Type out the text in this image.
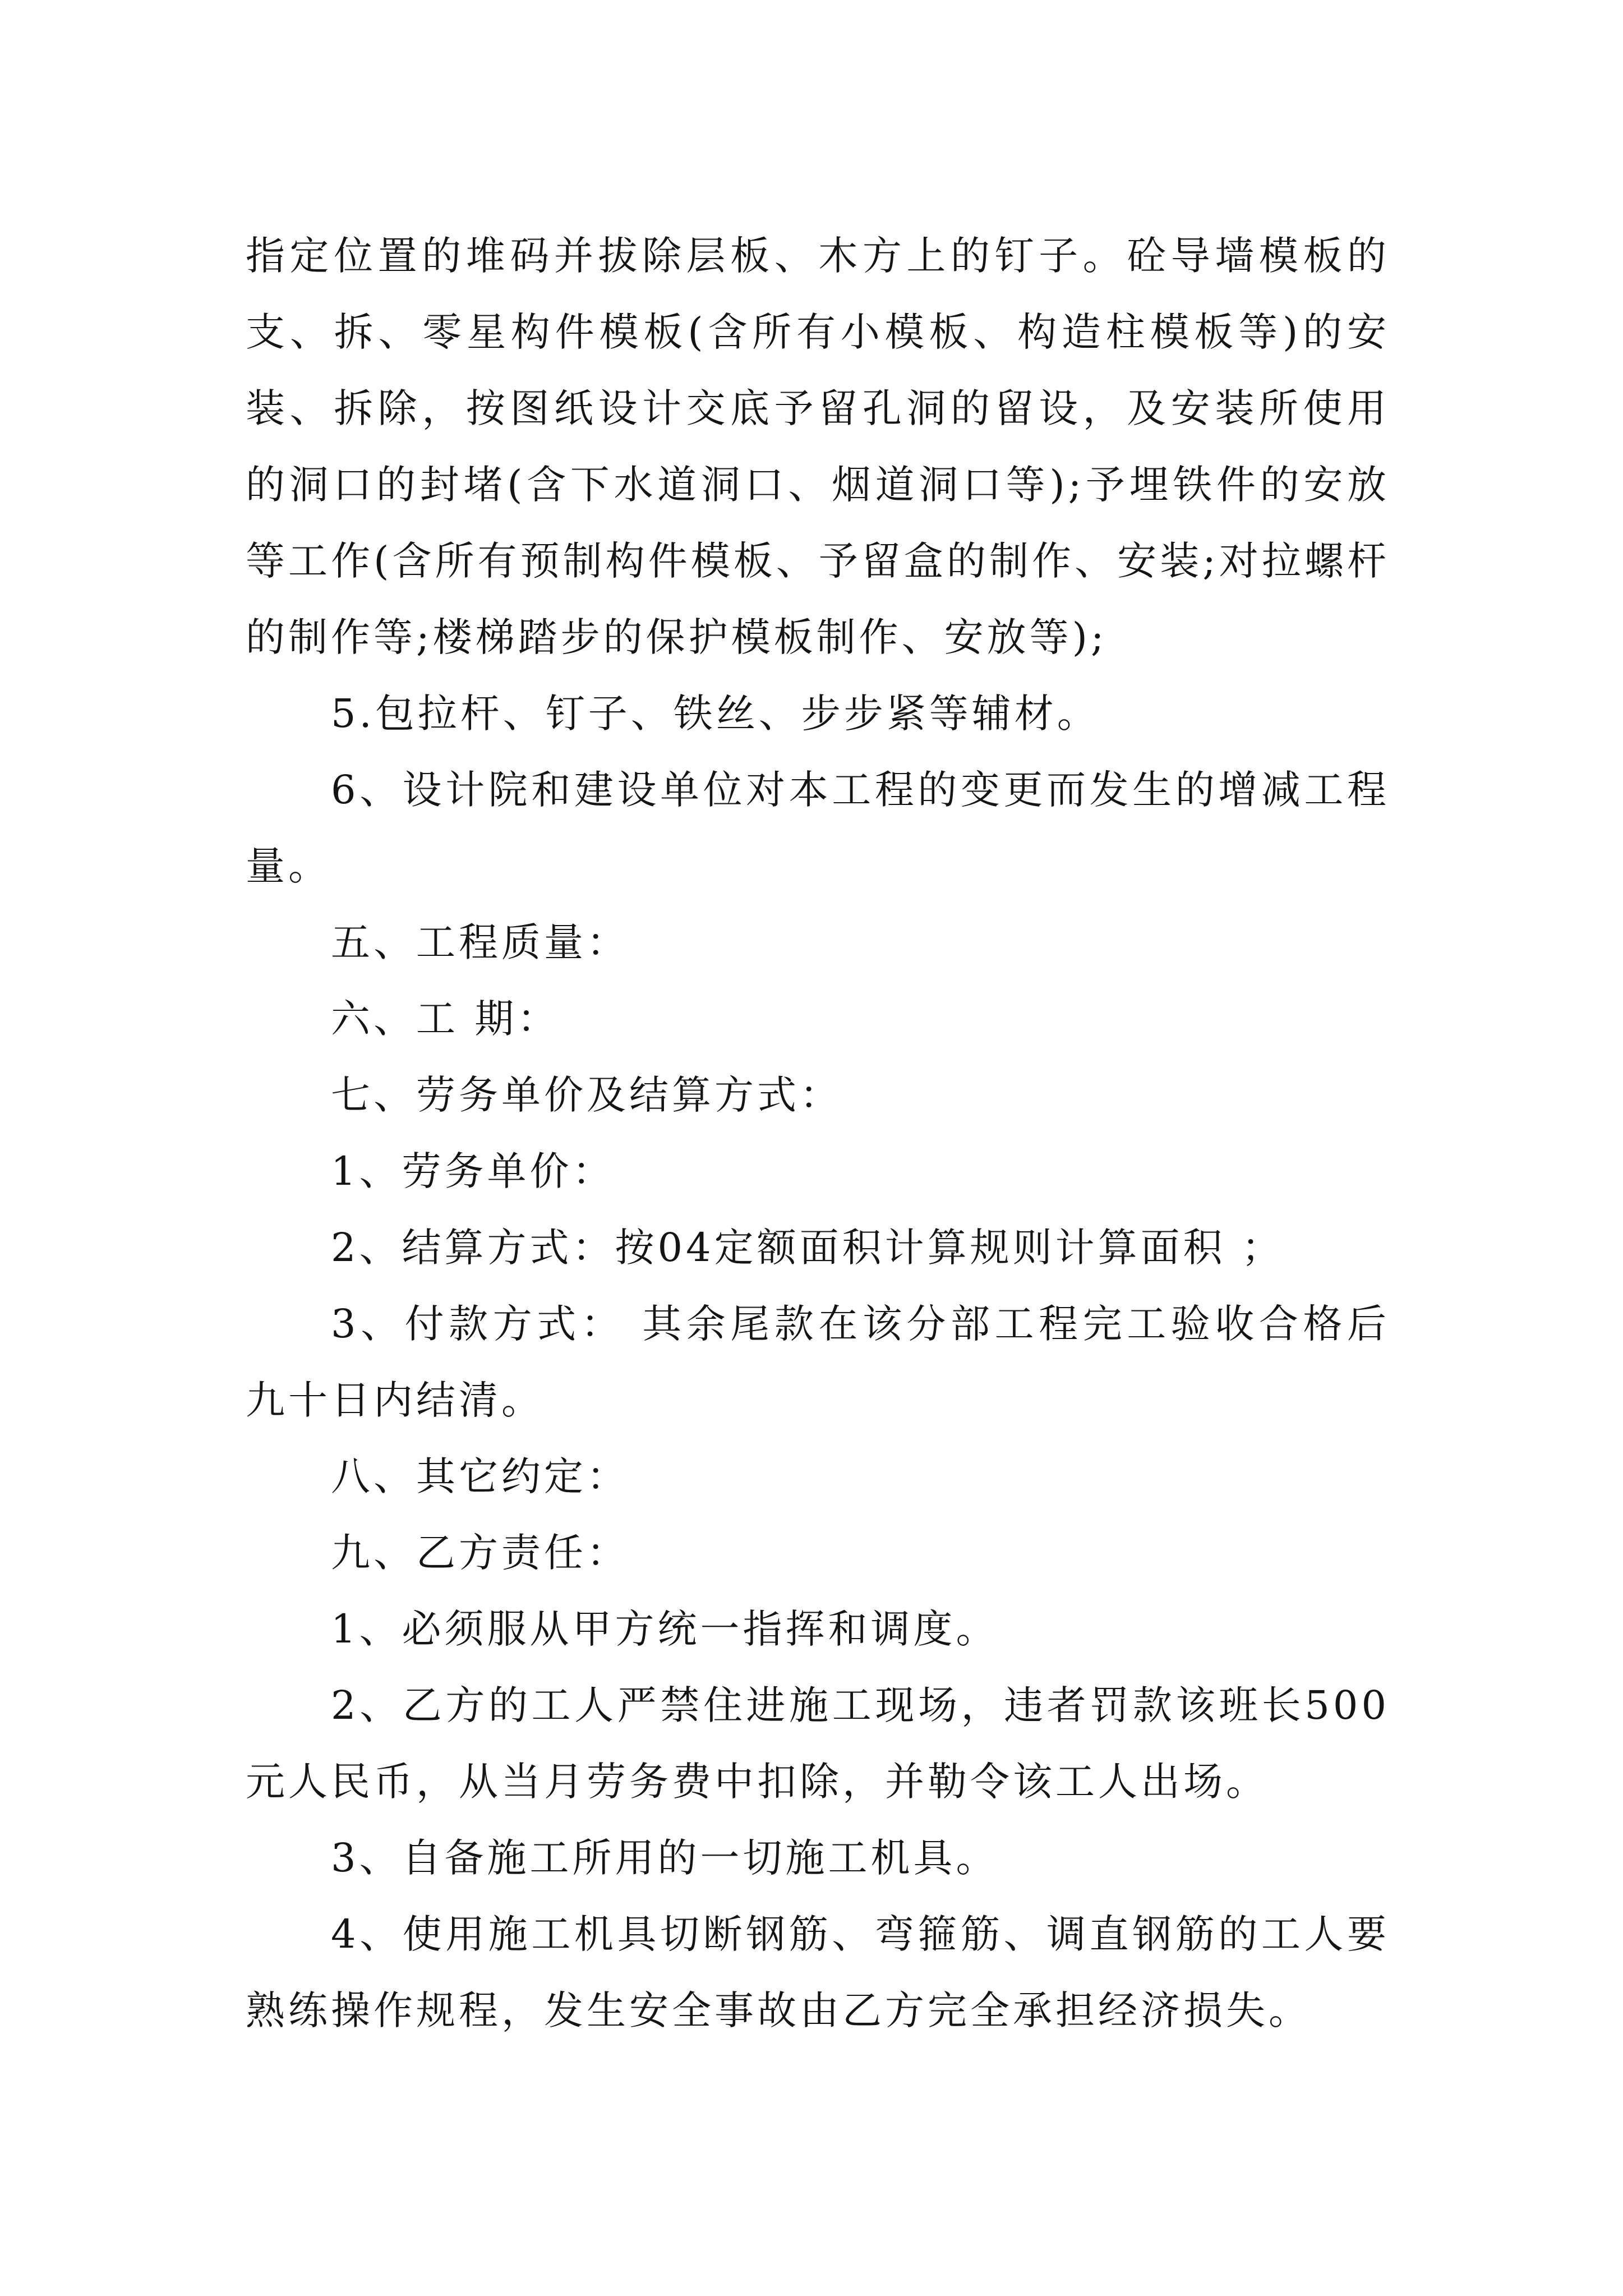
指定位置的堆码并拔除层板、木方上的钉子。砼导墙模板的支、拆、零星构件模板(含所有小模板、构造柱模板等)的安装、拆除，按图纸设计交底予留孔洞的留设，及安装所使用的洞口的封堵(含下水道洞口、烟道洞口等);予埋铁件的安放等工作(含所有预制构件模板、予留盒的制作、安装;对拉螺杆的制作等;楼梯踏步的保护模板制作、安放等);

5.包拉杆、钉子、铁丝、步步紧等辅材。

6、设计院和建设单位对本工程的变更而发生的增减工程量。

五、工程质量：

六、工 期：

七、劳务单价及结算方式：

1、劳务单价：

2、结算方式：按04定额面积计算规则计算面积 ；

3、付款方式： 其余尾款在该分部工程完工验收合格后九十日内结清。

八、其它约定：

九、乙方责任：

1、必须服从甲方统一指挥和调度。

2、乙方的工人严禁住进施工现场，违者罚款该班长500元人民币，从当月劳务费中扣除，并勒令该工人出场。

3、自备施工所用的一切施工机具。

4、使用施工机具切断钢筋、弯箍筋、调直钢筋的工人要熟练操作规程，发生安全事故由乙方完全承担经济损失。
